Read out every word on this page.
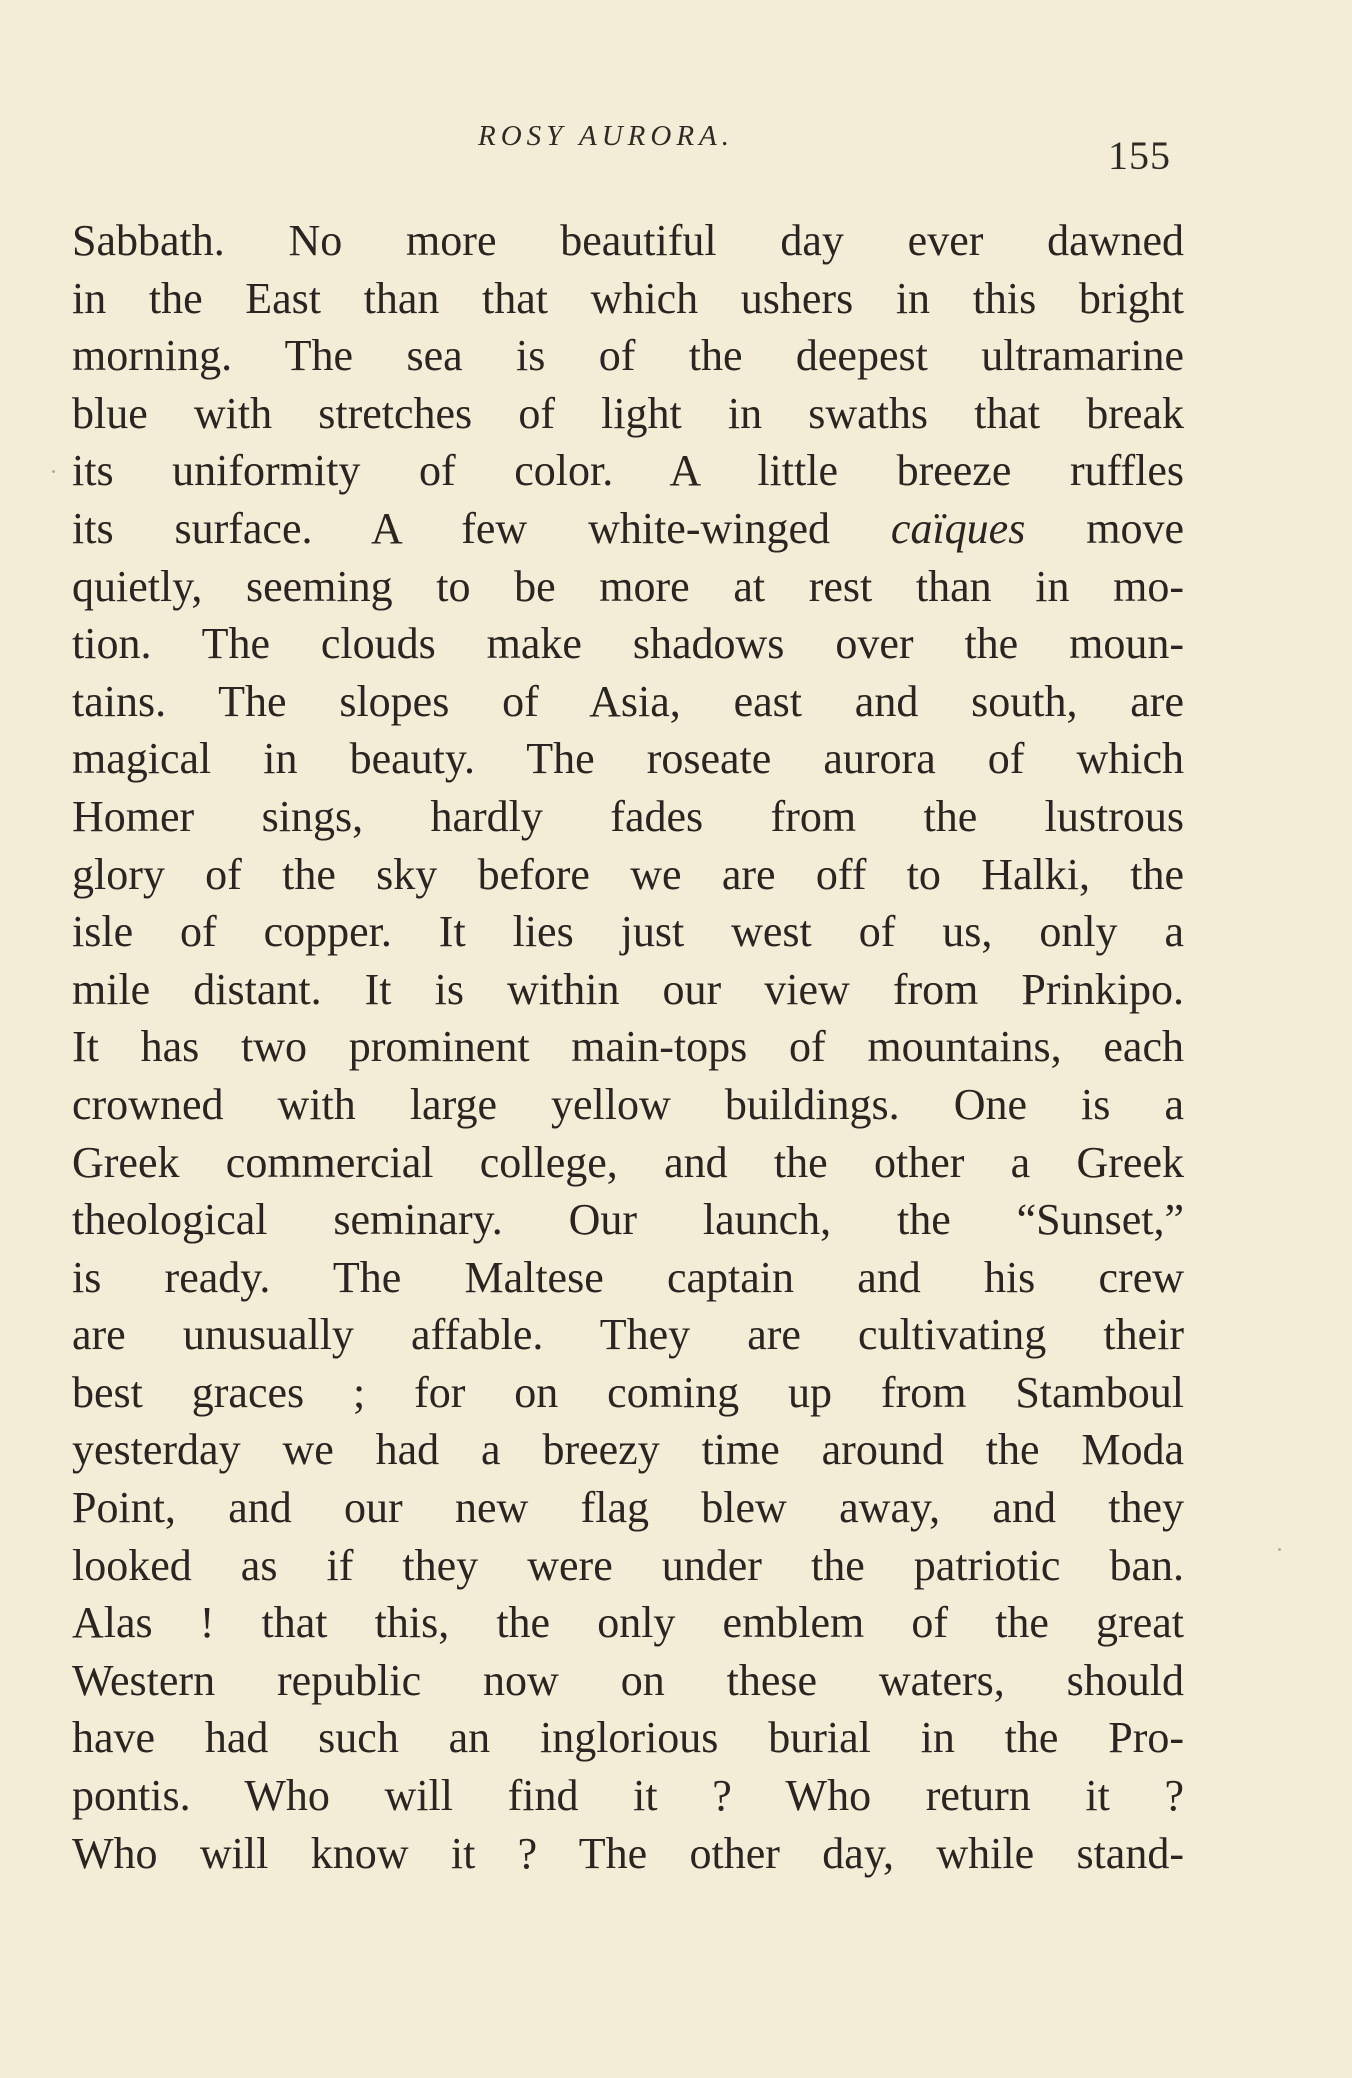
ROSY AURORA.	155
Sabbath. No more beautiful day ever dawned
in the East than that which ushers in this bright
morning. The sea is of the deepest ultramarine
blue with stretches of light in swaths that break
its uniformity of color. A little breeze ruffles
its surface. A few white-winged caïques move
quietly, seeming to be more at rest than in mo-
tion. The clouds make shadows over the moun-
tains. The slopes of Asia, east and south, are
magical in beauty. The roseate aurora of which
Homer sings, hardly fades from the lustrous
glory of the sky before we are off to Halki, the
isle of copper. It lies just west of us, only a
mile distant. It is within our view from Prinkipo.
It has two prominent main-tops of mountains, each
crowned with large yellow buildings. One is a
Greek commercial college, and the other a Greek
theological seminary. Our launch, the “Sunset,”
is ready. The Maltese captain and his crew
are unusually affable. They are cultivating their
best graces ; for on coming up from Stamboul
yesterday we had a breezy time around the Moda
Point, and our new flag blew away, and they
looked as if they were under the patriotic ban.
Alas ! that this, the only emblem of the great
Western republic now on these waters, should
have had such an inglorious burial in the Pro-
pontis. Who will find it ? Who return it ?
Who will know it ? The other day, while stand-
